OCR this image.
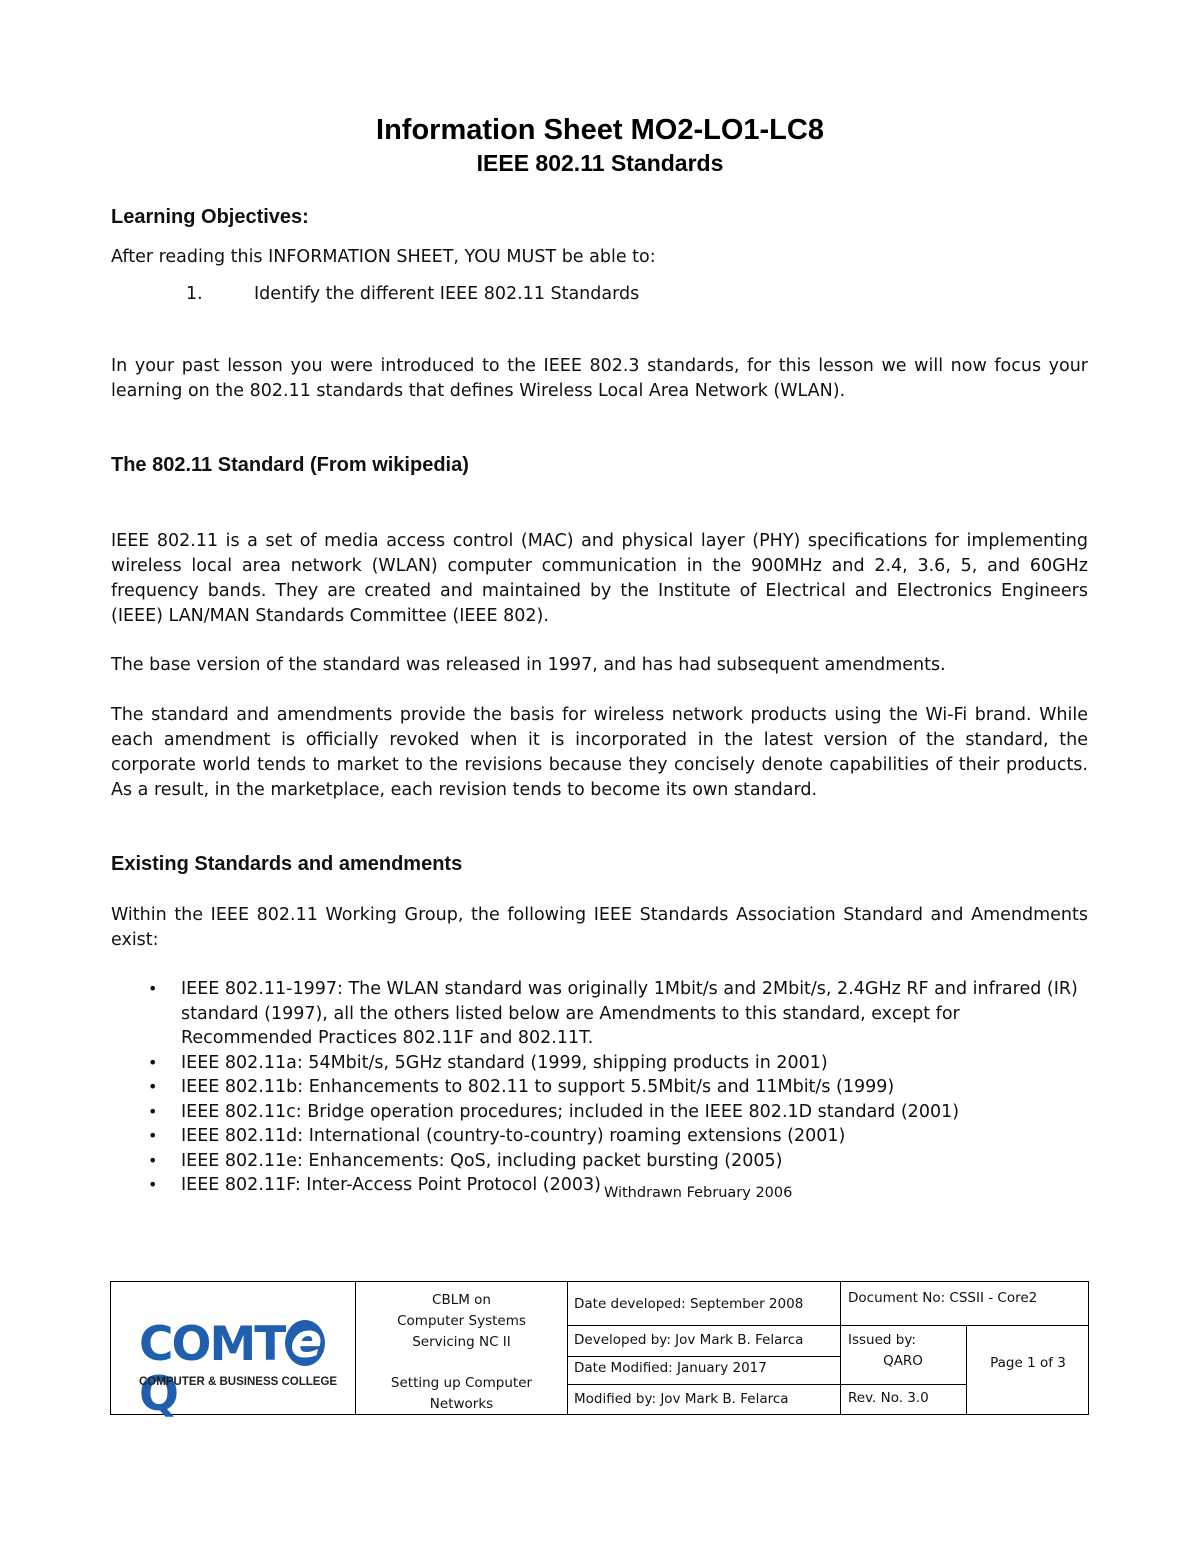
Information Sheet MO2-LO1-LC8
IEEE 802.11 Standards
Learning Objectives:
After reading this INFORMATION SHEET, YOU MUST be able to:
1.	Identify the different IEEE 802.11 Standards
In your past lesson you were introduced to the IEEE 802.3 standards, for this lesson we will now focus your learning on the 802.11 standards that defines Wireless Local Area Network (WLAN).
The 802.11 Standard (From wikipedia)
IEEE 802.11 is a set of media access control (MAC) and physical layer (PHY) specifications for implementing wireless local area network (WLAN) computer communication in the 900MHz and 2.4, 3.6, 5, and 60GHz frequency bands. They are created and maintained by the Institute of Electrical and Electronics Engineers (IEEE) LAN/MAN Standards Committee (IEEE 802).
The base version of the standard was released in 1997, and has had subsequent amendments.
The standard and amendments provide the basis for wireless network products using the Wi-Fi brand. While each amendment is officially revoked when it is incorporated in the latest version of the standard, the corporate world tends to market to the revisions because they concisely denote capabilities of their products. As a result, in the marketplace, each revision tends to become its own standard.
Existing Standards and amendments
Within the IEEE 802.11 Working Group, the following IEEE Standards Association Standard and Amendments exist:
• IEEE 802.11-1997: The WLAN standard was originally 1Mbit/s and 2Mbit/s, 2.4GHz RF and infrared (IR) standard (1997), all the others listed below are Amendments to this standard, except for Recommended Practices 802.11F and 802.11T.
• IEEE 802.11a: 54Mbit/s, 5GHz standard (1999, shipping products in 2001)
• IEEE 802.11b: Enhancements to 802.11 to support 5.5Mbit/s and 11Mbit/s (1999)
• IEEE 802.11c: Bridge operation procedures; included in the IEEE 802.1D standard (2001)
• IEEE 802.11d: International (country-to-country) roaming extensions (2001)
• IEEE 802.11e: Enhancements: QoS, including packet bursting (2005)
• IEEE 802.11F: Inter-Access Point Protocol (2003) $_{Withdrawn February 2006}$
COMT eQ
COMPUTER & BUSINESS COLLEGE
CBLM on
Computer Systems
Servicing NC II
Setting up Computer
Networks
Date developed: September 2008
Developed by: Jov Mark B. Felarca
Date Modified: January 2017
Modified by: Jov Mark B. Felarca
Document No: CSSII - Core2
Issued by:
QARO
Rev. No. 3.0
Page 1 of 3
